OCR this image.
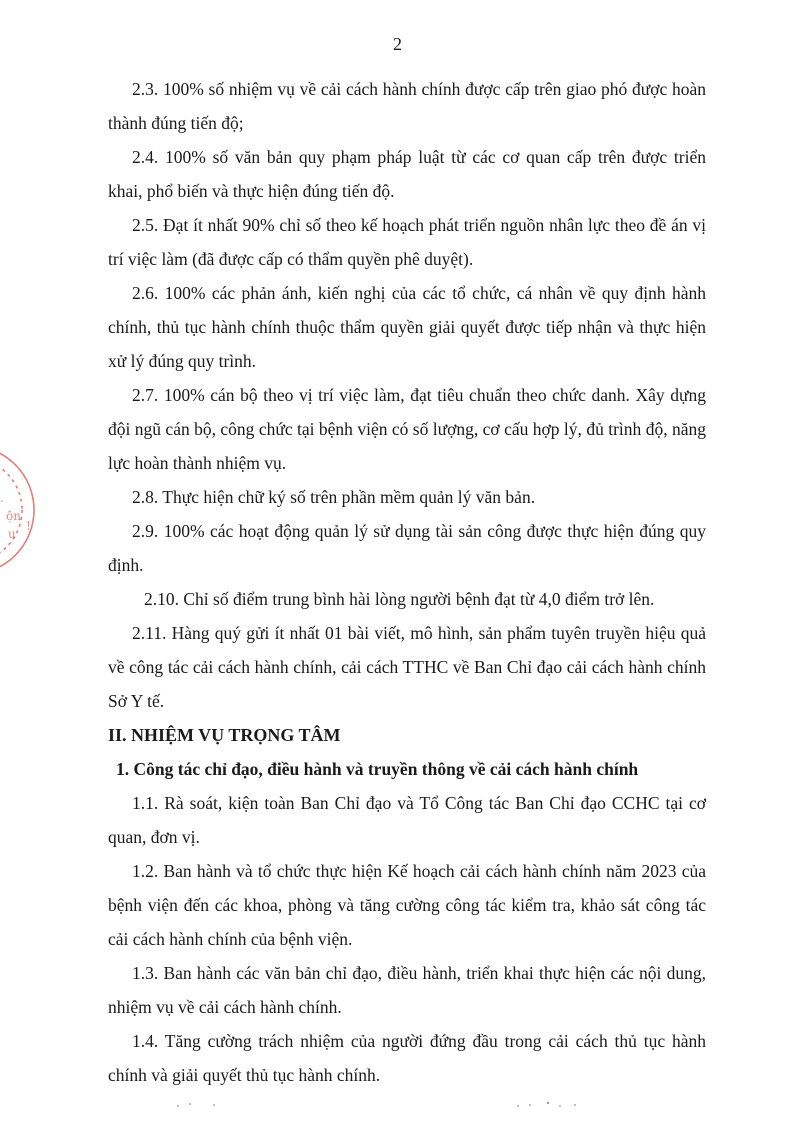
2
.
ộn
u
!

2.3. 100% số nhiệm vụ về cải cách hành chính được cấp trên giao phó được hoàn thành đúng tiến độ;

2.4. 100% số văn bản quy phạm pháp luật từ các cơ quan cấp trên được triển khai, phổ biến và thực hiện đúng tiến độ.

2.5. Đạt ít nhất 90% chỉ số theo kế hoạch phát triển nguồn nhân lực theo đề án vị trí việc làm (đã được cấp có thẩm quyền phê duyệt).

2.6. 100% các phản ánh, kiến nghị của các tổ chức, cá nhân về quy định hành chính, thủ tục hành chính thuộc thẩm quyền giải quyết được tiếp nhận và thực hiện xử lý đúng quy trình.

2.7. 100% cán bộ theo vị trí việc làm, đạt tiêu chuẩn theo chức danh. Xây dựng đội ngũ cán bộ, công chức tại bệnh viện có số lượng, cơ cấu hợp lý, đủ trình độ, năng lực hoàn thành nhiệm vụ.

2.8. Thực hiện chữ ký số trên phần mềm quản lý văn bản.

2.9. 100% các hoạt động quản lý sử dụng tài sản công được thực hiện đúng quy định.

2.10. Chỉ số điểm trung bình hài lòng người bệnh đạt từ 4,0 điểm trở lên.

2.11. Hàng quý gửi ít nhất 01 bài viết, mô hình, sản phẩm tuyên truyền hiệu quả về công tác cải cách hành chính, cải cách TTHC về Ban Chỉ đạo cải cách hành chính Sở Y tế.

II. NHIỆM VỤ TRỌNG TÂM

1. Công tác chỉ đạo, điều hành và truyền thông về cải cách hành chính

1.1. Rà soát, kiện toàn Ban Chỉ đạo và Tổ Công tác Ban Chỉ đạo CCHC tại cơ quan, đơn vị.

1.2. Ban hành và tổ chức thực hiện Kế hoạch cải cách hành chính năm 2023 của bệnh viện đến các khoa, phòng và tăng cường công tác kiểm tra, khảo sát công tác cải cách hành chính của bệnh viện.

1.3. Ban hành các văn bản chỉ đạo, điều hành, triển khai thực hiện các nội dung, nhiệm vụ về cải cách hành chính.

1.4. Tăng cường trách nhiệm của người đứng đầu trong cải cách thủ tục hành chính và giải quyết thủ tục hành chính.
